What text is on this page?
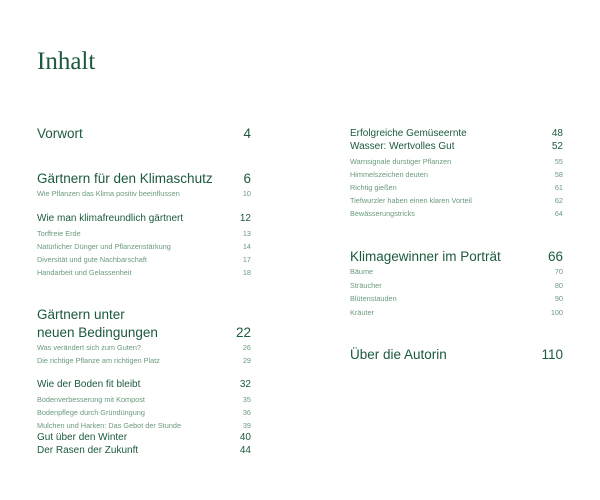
Inhalt
Vorwort	4
Gärtnern für den Klimaschutz 6
Wie Pflanzen das Klima positiv beeinflussen	10
Wie man klimafreundlich gärtnert	12
Torffreie Erde	13
Natürlicher Dünger und Pflanzenstärkung	14
Diversität und gute Nachbarschaft	17
Handarbeit und Gelassenheit	18
Gärtnern unter
neuen Bedingungen	22
Was verändert sich zum Guten?	26
Die richtige Pflanze am richtigen Platz	29
Wie der Boden fit bleibt	32
Bodenverbesserung mit Kompost	35
Bodenpflege durch Gründüngung	36
Mulchen und Harken: Das Gebot der Stunde	39
Gut über den Winter	40
Der Rasen der Zukunft	44
Erfolgreiche Gemüseernte	48
Wasser: Wertvolles Gut	52
Warnsignale durstiger Pflanzen	55
Himmelszeichen deuten	58
Richtig gießen	61
Tiefwurzler haben einen klaren Vorteil	62
Bewässerungstricks	64
Klimagewinner im Porträt	66
Bäume	70
Sträucher	80
Blütenstauden	90
Kräuter	100
Über die Autorin	110
